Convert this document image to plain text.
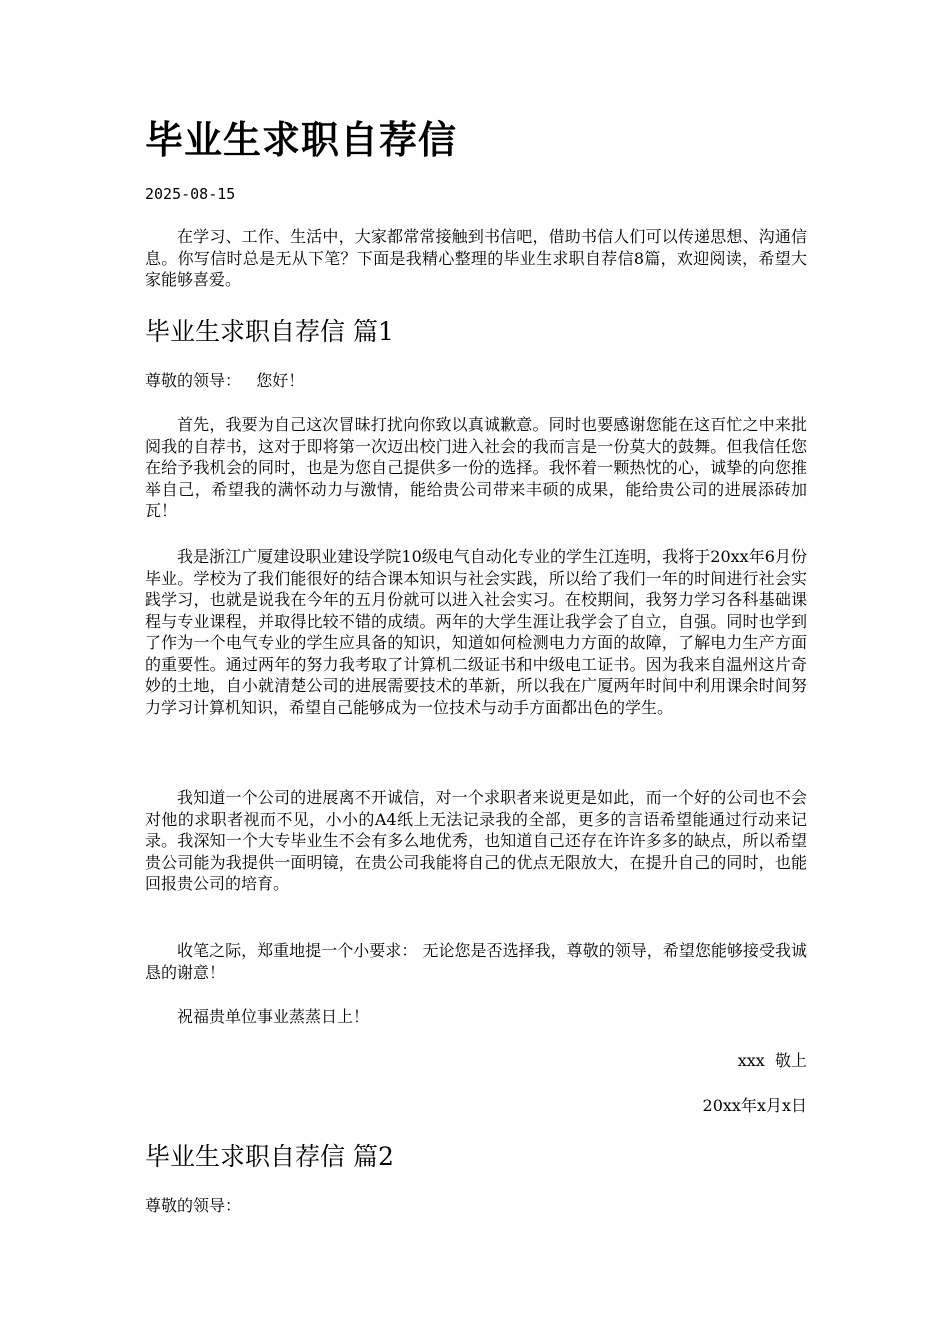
毕业生求职自荐信
2025-08-15

在学习、工作、生活中，大家都常常接触到书信吧，借助书信人们可以传递思想、沟通信息。你写信时总是无从下笔？下面是我精心整理的毕业生求职自荐信8篇，欢迎阅读，希望大家能够喜爱。

毕业生求职自荐信 篇1
尊敬的领导：   您好！

首先，我要为自己这次冒昧打扰向你致以真诚歉意。同时也要感谢您能在这百忙之中来批阅我的自荐书，这对于即将第一次迈出校门进入社会的我而言是一份莫大的鼓舞。但我信任您在给予我机会的同时，也是为您自己提供多一份的选择。我怀着一颗热忱的心，诚挚的向您推举自己，希望我的满怀动力与激情，能给贵公司带来丰硕的成果，能给贵公司的进展添砖加瓦！

我是浙江广厦建设职业建设学院10级电气自动化专业的学生江连明，我将于20xx年6月份毕业。学校为了我们能很好的结合课本知识与社会实践，所以给了我们一年的时间进行社会实践学习，也就是说我在今年的五月份就可以进入社会实习。在校期间，我努力学习各科基础课程与专业课程，并取得比较不错的成绩。两年的大学生涯让我学会了自立，自强。同时也学到了作为一个电气专业的学生应具备的知识，知道如何检测电力方面的故障，了解电力生产方面的重要性。通过两年的努力我考取了计算机二级证书和中级电工证书。因为我来自温州这片奇妙的土地，自小就清楚公司的进展需要技术的革新，所以我在广厦两年时间中利用课余时间努力学习计算机知识，希望自己能够成为一位技术与动手方面都出色的学生。

我知道一个公司的进展离不开诚信，对一个求职者来说更是如此，而一个好的公司也不会对他的求职者视而不见，小小的A4纸上无法记录我的全部，更多的言语希望能通过行动来记录。我深知一个大专毕业生不会有多么地优秀，也知道自己还存在许许多多的缺点，所以希望贵公司能为我提供一面明镜，在贵公司我能将自己的优点无限放大，在提升自己的同时，也能回报贵公司的培育。

收笔之际，郑重地提一个小要求： 无论您是否选择我，尊敬的领导，希望您能够接受我诚恳的谢意！

祝福贵单位事业蒸蒸日上！

xxx  敬上
20xx年x月x日
毕业生求职自荐信 篇2
尊敬的领导：
